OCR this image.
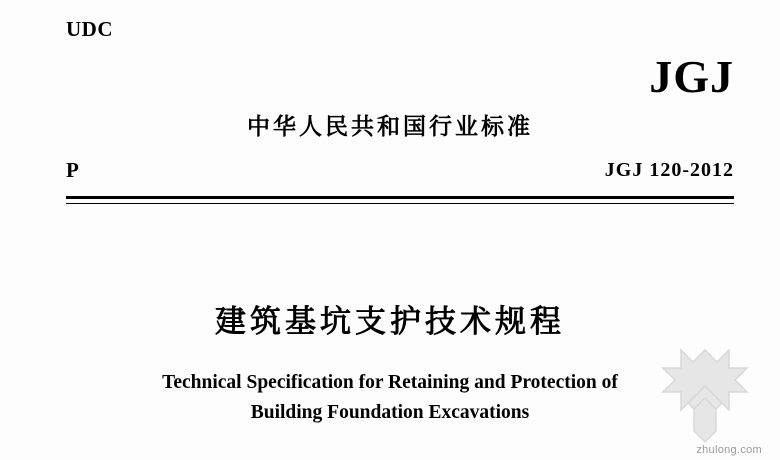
UDC
JGJ
中华人民共和国行业标准
P	JGJ 120-2012
建筑基坑支护技术规程
Technical Specification for Retaining and Protection of
Building Foundation Excavations
zhulong.com
